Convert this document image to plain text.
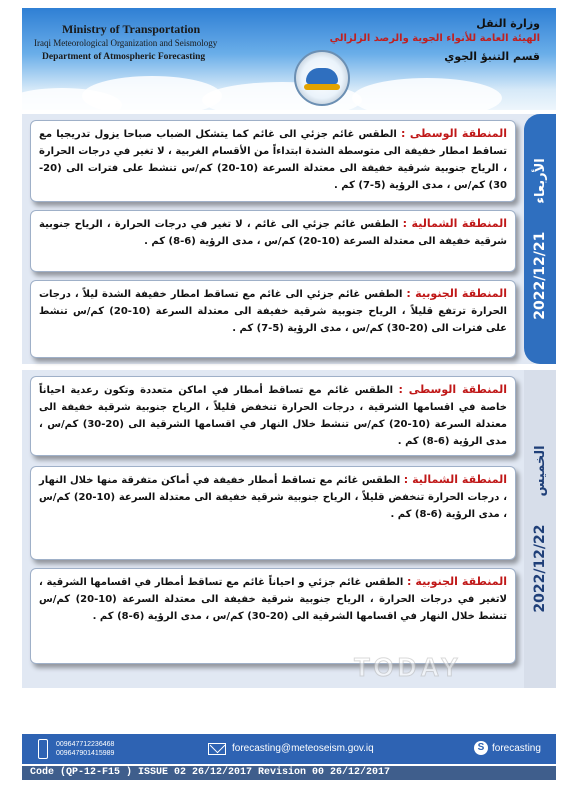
Ministry of Transportation
Iraqi Meteorological Organization and Seismology
Department of Atmospheric Forecasting
وزارة النقل
الهيئة العامة للأنواء الجوية والرصد الزلزالي
قسم التنبؤ الجوي
المنطقة الوسطى : الطقس غائم جزئي الى غائم كما يتشكل الضباب صباحا يزول تدريجيا مع تساقط امطار خفيفة الى متوسطة الشدة ابتداءاً من الأقسام الغربية ، لا تغير في درجات الحرارة ، الرياح جنوبية شرقية خفيفة الى معتدلة السرعة (10-20) كم/س تنشط على فترات الى (20-30) كم/س ، مدى الرؤية (5-7) كم .
المنطقة الشمالية : الطقس غائم جزئي الى غائم ، لا تغير في درجات الحرارة ، الرياح جنوبية شرقية خفيفة الى معتدلة السرعة (10-20) كم/س ، مدى الرؤية (6-8) كم .
المنطقة الجنوبية : الطقس غائم جزئي الى غائم مع تساقط امطار خفيفة الشدة ليلاً ، درجات الحرارة ترتفع قليلاً ، الرياح جنوبية شرقية خفيفة الى معتدلة السرعة (10-20) كم/س تنشط على فترات الى (20-30) كم/س ، مدى الرؤية (5-7) كم .
2022/12/21الأربعاء
المنطقة الوسطى : الطقس غائم مع تساقط أمطار في اماكن متعددة وتكون رعدية احياناً خاصة في اقسامها الشرقية ، درجات الحرارة تنخفض قليلاً ، الرياح جنوبية شرقية خفيفة الى معتدلة السرعة (10-20) كم/س تنشط خلال النهار في اقسامها الشرقية الى (20-30) كم/س ، مدى الرؤية (6-8) كم .
المنطقة الشمالية : الطقس غائم مع تساقط أمطار خفيفة في أماكن متفرقة منها خلال النهار ، درجات الحرارة تنخفض قليلاً ، الرياح جنوبية شرقية خفيفة الى معتدلة السرعة (10-20) كم/س ، مدى الرؤية (6-8) كم .
المنطقة الجنوبية : الطقس غائم جزئي و احياناً غائم مع تساقط أمطار في اقسامها الشرقية ، لاتغير في درجات الحرارة ، الرياح جنوبية شرقية خفيفة الى معتدلة السرعة (10-20) كم/س تنشط خلال النهار في اقسامها الشرقية الى (20-30) كم/س ، مدى الرؤية (6-8) كم .
2022/12/22الخميس
TODAY
009647712236468
009647901415989	forecasting@meteoseism.gov.iq	S forecasting
Code (QP-12-F15 ) ISSUE 02 26/12/2017 Revision 00 26/12/2017
